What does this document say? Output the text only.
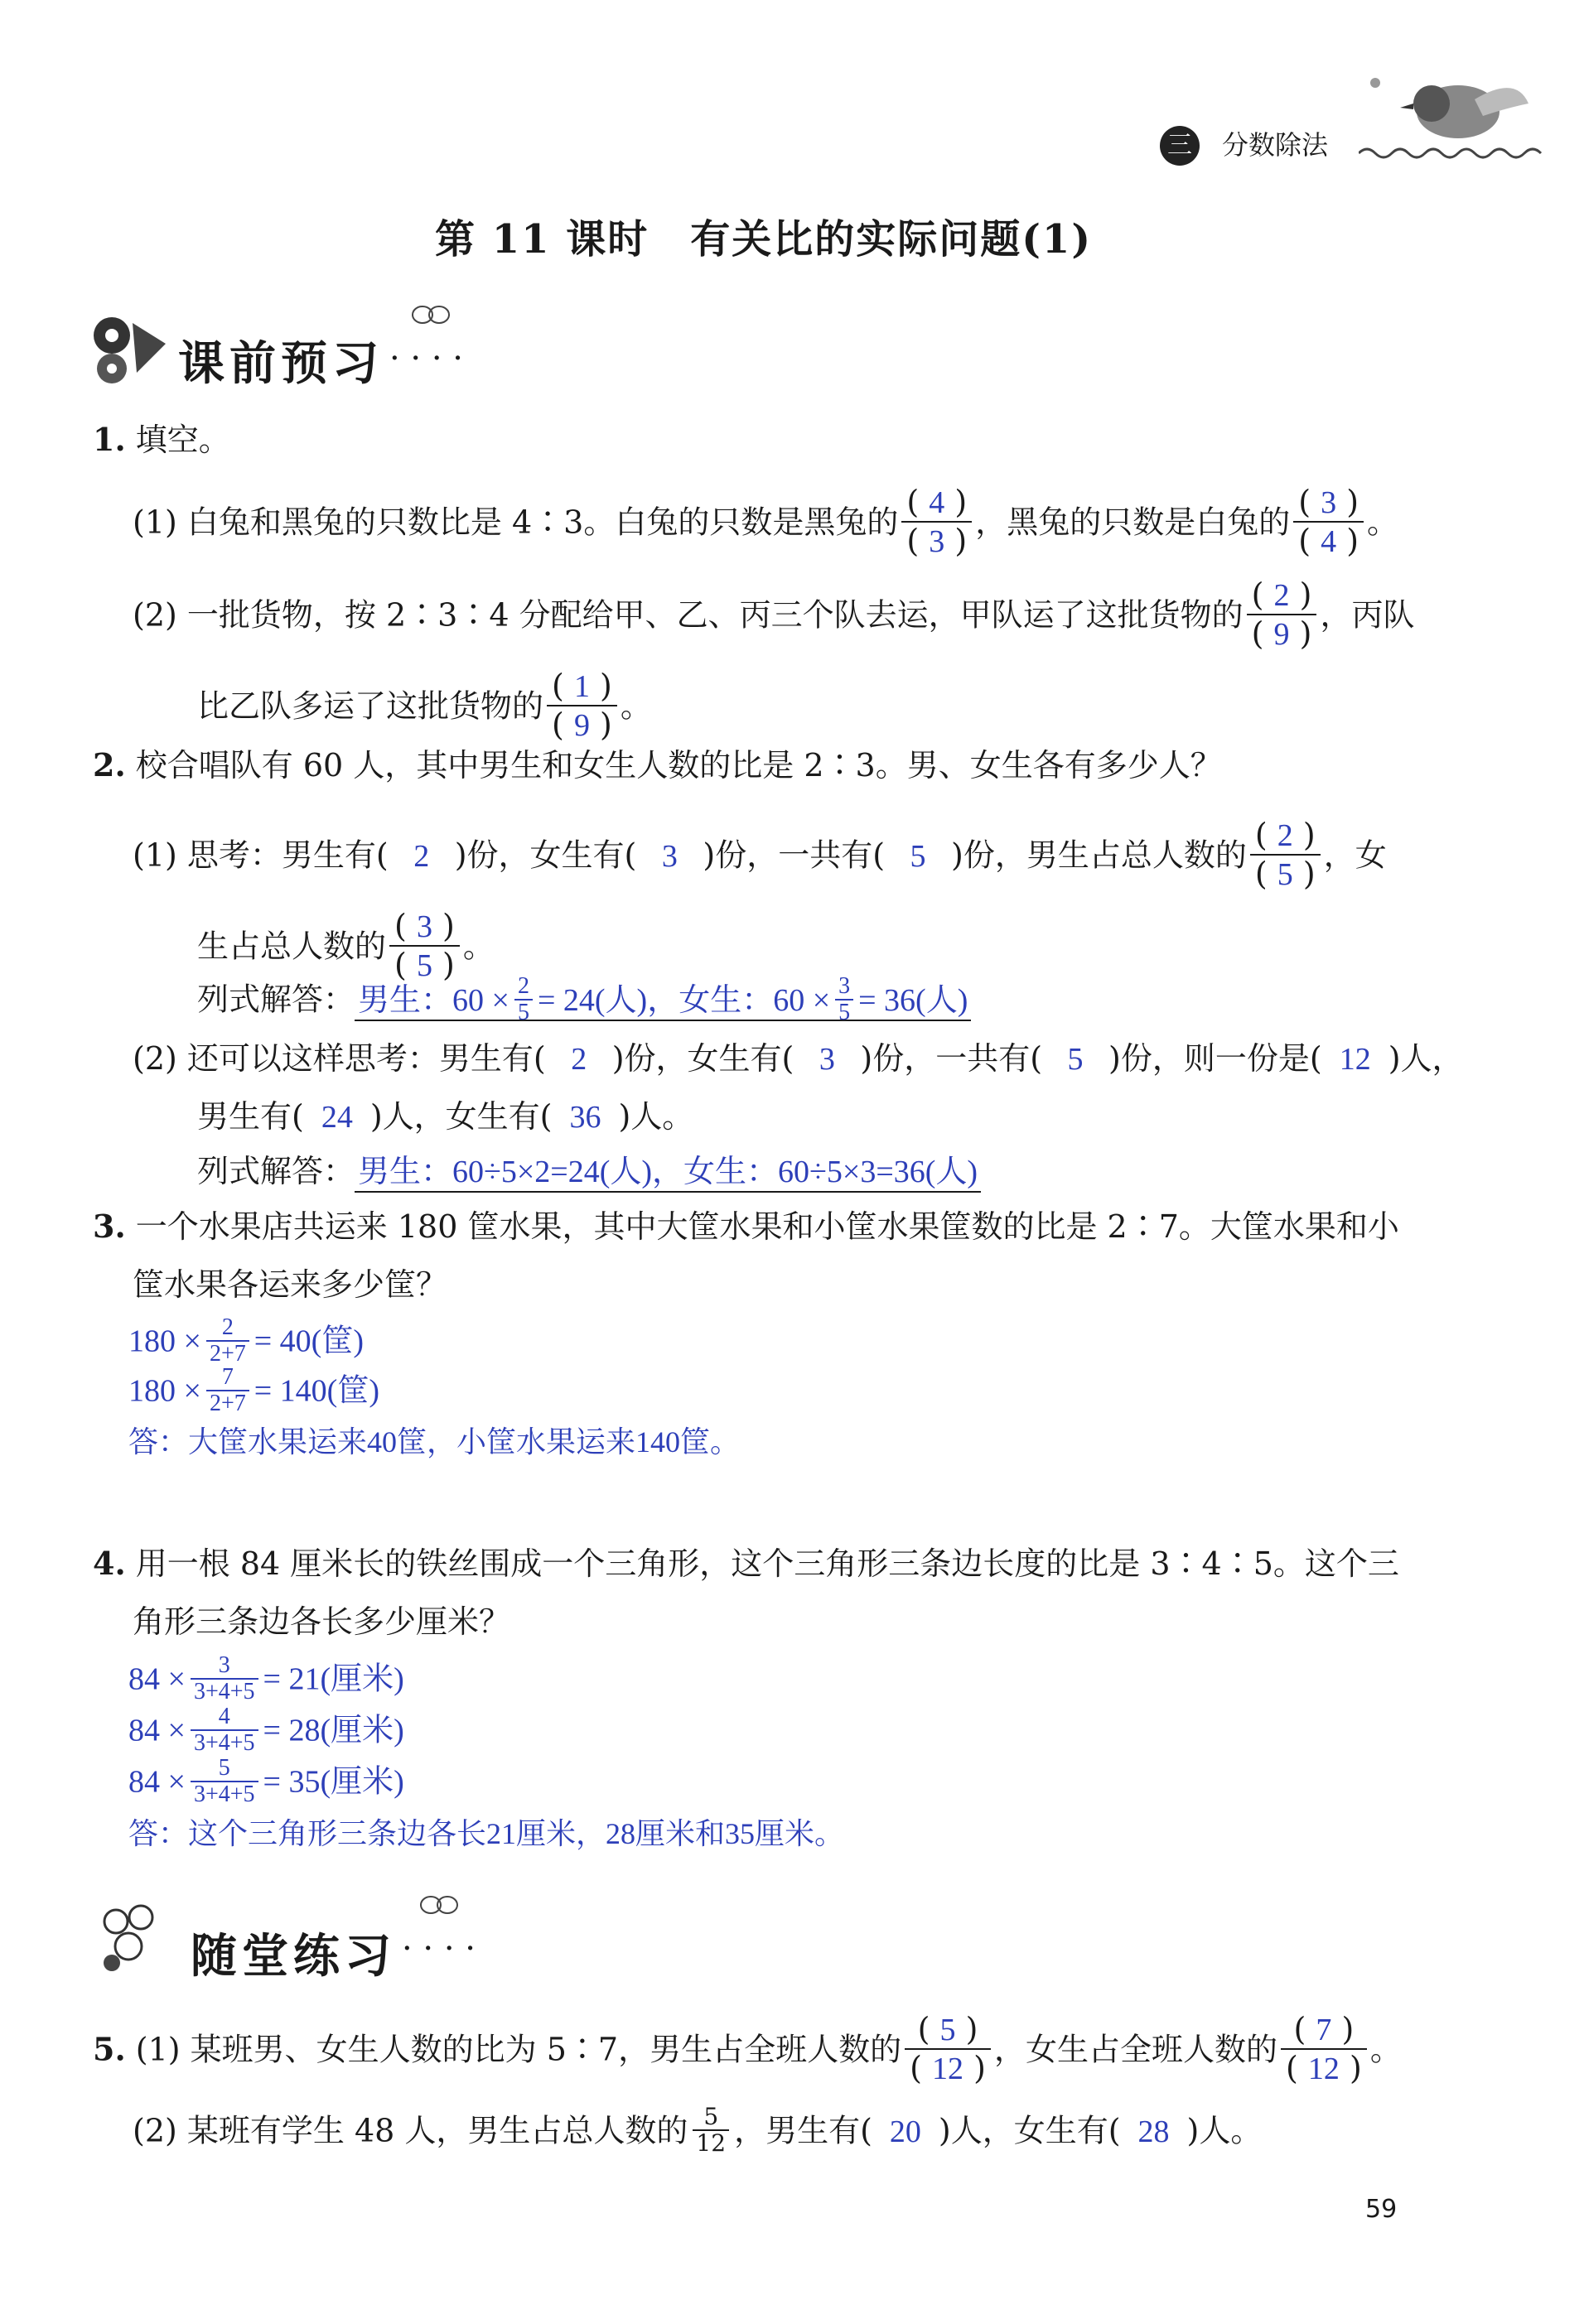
三 分数除法
第 11 课时　有关比的实际问题(1)
课前预习 · · · ·
1. 填空。
(1) 白兔和黑兔的只数比是 4∶3。白兔的只数是黑兔的 $\frac{( 4 )}{( 3 )}$ ，黑兔的只数是白兔的 $\frac{( 3 )}{( 4 )}$ 。
(2) 一批货物，按 2∶3∶4 分配给甲、乙、丙三个队去运，甲队运了这批货物的 $\frac{( 2 )}{( 9 )}$ ，丙队
比乙队多运了这批货物的 $\frac{( 1 )}{( 9 )}$ 。
2. 校合唱队有 60 人，其中男生和女生人数的比是 2∶3。男、女生各有多少人？
(1) 思考：男生有( 2 )份，女生有( 3 )份，一共有( 5 )份，男生占总人数的 $\frac{( 2 )}{( 5 )}$ ，女
生占总人数的 $\frac{( 3 )}{( 5 )}$ 。
列式解答： 男生：$60 \times \frac{2}{5} = 24$(人)，女生：$60 \times \frac{3}{5} = 36$(人)
(2) 还可以这样思考：男生有( 2 )份，女生有( 3 )份，一共有( 5 )份，则一份是( 12 )人，
男生有( 24 )人，女生有( 36 )人。
列式解答： 男生：60÷5×2=24(人)，女生：60÷5×3=36(人)
3. 一个水果店共运来 180 筐水果，其中大筐水果和小筐水果筐数的比是 2∶7。大筐水果和小
筐水果各运来多少筐？
$180 \times \frac{2}{2+7} = 40$(筐)
$180 \times \frac{7}{2+7} = 140$(筐)
答：大筐水果运来40筐，小筐水果运来140筐。
4. 用一根 84 厘米长的铁丝围成一个三角形，这个三角形三条边长度的比是 3∶4∶5。这个三
角形三条边各长多少厘米？
$84 \times \frac{3}{3+4+5} = 21$(厘米)
$84 \times \frac{4}{3+4+5} = 28$(厘米)
$84 \times \frac{5}{3+4+5} = 35$(厘米)
答：这个三角形三条边各长21厘米，28厘米和35厘米。
随堂练习 · · · ·
5. (1) 某班男、女生人数的比为 5∶7，男生占全班人数的 $\frac{( 5 )}{( 12 )}$ ，女生占全班人数的 $\frac{( 7 )}{( 12 )}$ 。
(2) 某班有学生 48 人，男生占总人数的 $\frac{5}{12}$ ，男生有( 20 )人，女生有( 28 )人。
59
